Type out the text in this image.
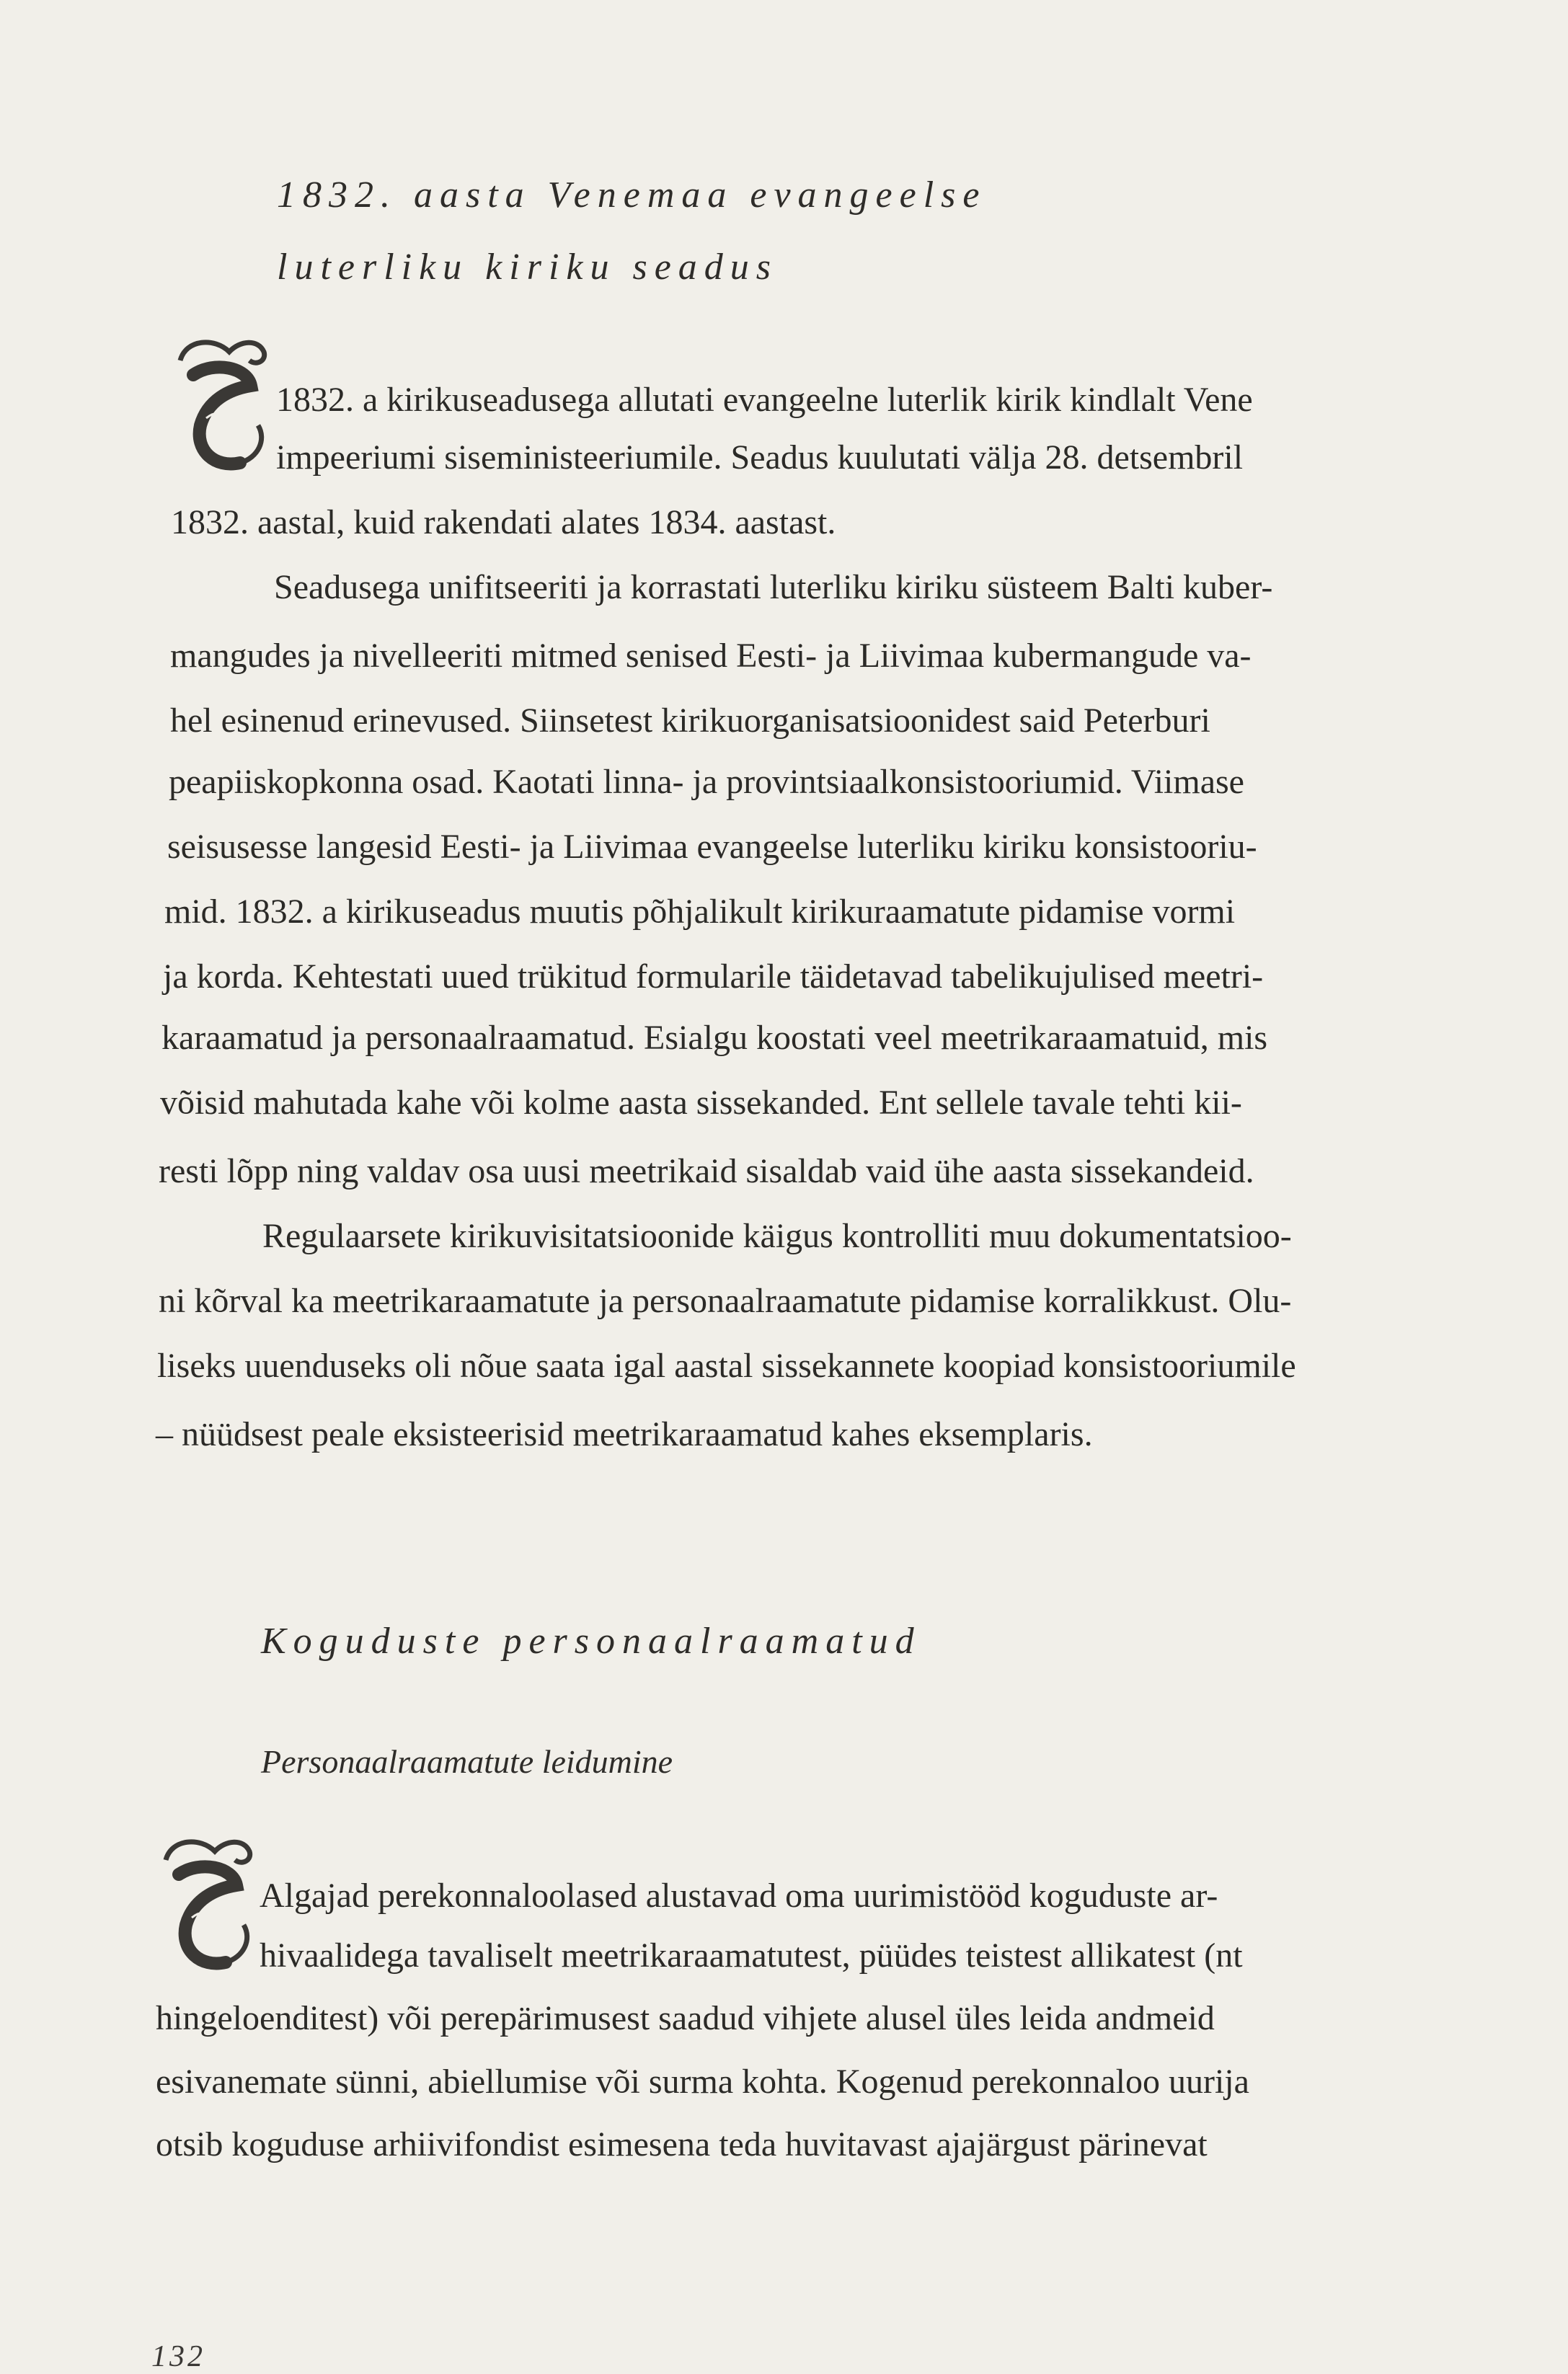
1832. aasta Venemaa evangeelse
luterliku kiriku seadus
1832. a kirikuseadusega allutati evangeelne luterlik kirik kindlalt Vene
impeeriumi siseministeeriumile. Seadus kuulutati välja 28. detsembril
1832. aastal, kuid rakendati alates 1834. aastast.
Seadusega unifitseeriti ja korrastati luterliku kiriku süsteem Balti kuber-
mangudes ja nivelleeriti mitmed senised Eesti- ja Liivimaa kubermangude va-
hel esinenud erinevused. Siinsetest kirikuorganisatsioonidest said Peterburi
peapiiskopkonna osad. Kaotati linna- ja provintsiaalkonsistooriumid. Viimase
seisusesse langesid Eesti- ja Liivimaa evangeelse luterliku kiriku konsistooriu-
mid. 1832. a kirikuseadus muutis põhjalikult kirikuraamatute pidamise vormi
ja korda. Kehtestati uued trükitud formularile täidetavad tabelikujulised meetri-
karaamatud ja personaalraamatud. Esialgu koostati veel meetrikaraamatuid, mis
võisid mahutada kahe või kolme aasta sissekanded. Ent sellele tavale tehti kii-
resti lõpp ning valdav osa uusi meetrikaid sisaldab vaid ühe aasta sissekandeid.
Regulaarsete kirikuvisitatsioonide käigus kontrolliti muu dokumentatsioo-
ni kõrval ka meetrikaraamatute ja personaalraamatute pidamise korralikkust. Olu-
liseks uuenduseks oli nõue saata igal aastal sissekannete koopiad konsistooriumile
– nüüdsest peale eksisteerisid meetrikaraamatud kahes eksemplaris.
Koguduste personaalraamatud
Personaalraamatute leidumine
Algajad perekonnaloolased alustavad oma uurimistööd koguduste ar-
hivaalidega tavaliselt meetrikaraamatutest, püüdes teistest allikatest (nt
hingeloenditest) või perepärimusest saadud vihjete alusel üles leida andmeid
esivanemate sünni, abiellumise või surma kohta. Kogenud perekonnaloo uurija
otsib koguduse arhiivifondist esimesena teda huvitavast ajajärgust pärinevat
132
